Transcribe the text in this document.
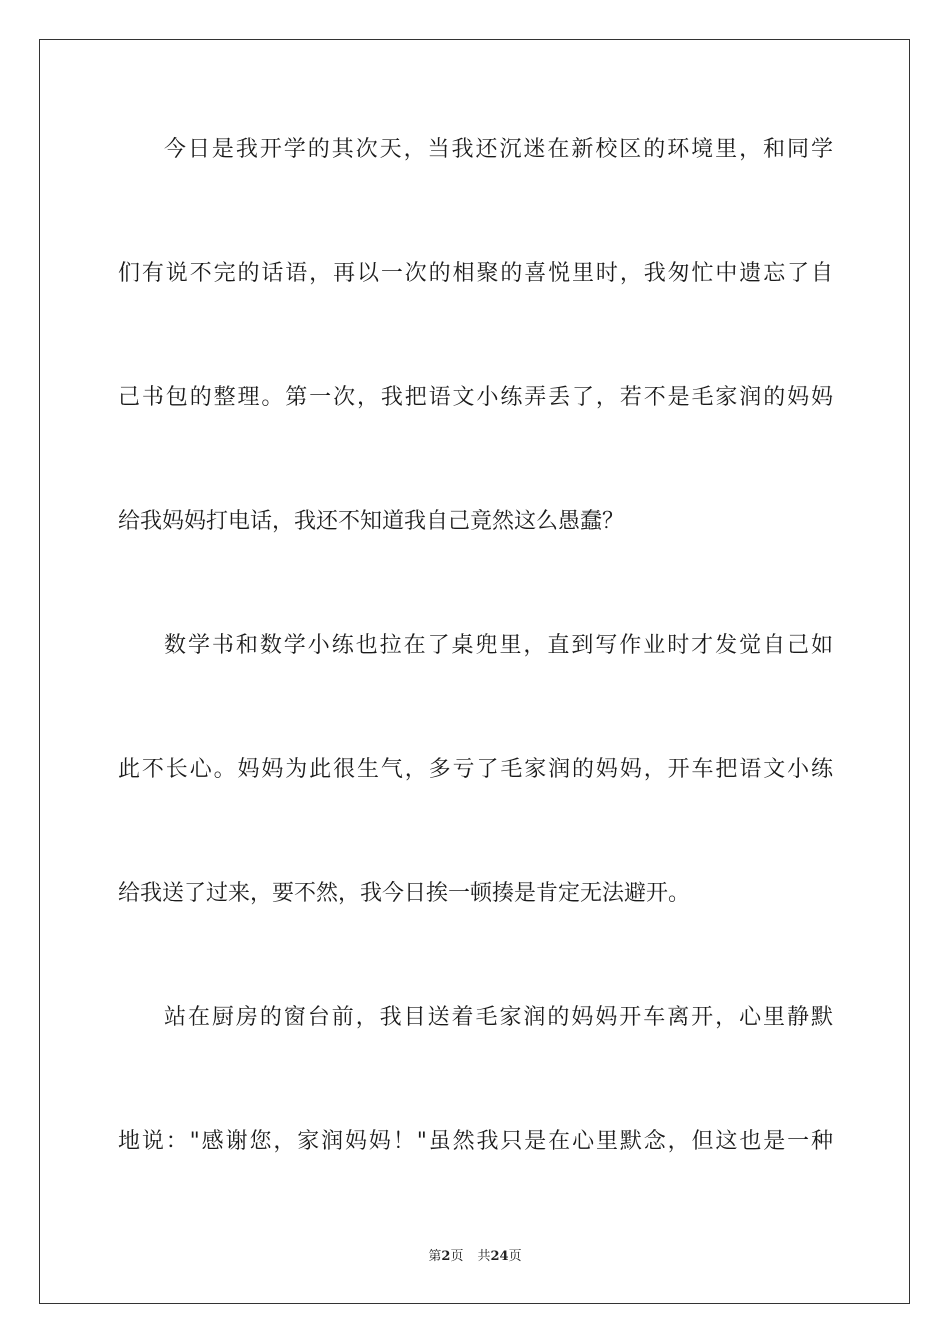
今日是我开学的其次天，当我还沉迷在新校区的环境里，和同学
们有说不完的话语，再以一次的相聚的喜悦里时，我匆忙中遗忘了自
己书包的整理。第一次，我把语文小练弄丢了，若不是毛家润的妈妈
给我妈妈打电话，我还不知道我自己竟然这么愚蠢？
数学书和数学小练也拉在了桌兜里，直到写作业时才发觉自己如
此不长心。妈妈为此很生气，多亏了毛家润的妈妈，开车把语文小练
给我送了过来，要不然，我今日挨一顿揍是肯定无法避开。
站在厨房的窗台前，我目送着毛家润的妈妈开车离开，心里静默
地说："感谢您，家润妈妈！"虽然我只是在心里默念，但这也是一种
第2页 共24页
